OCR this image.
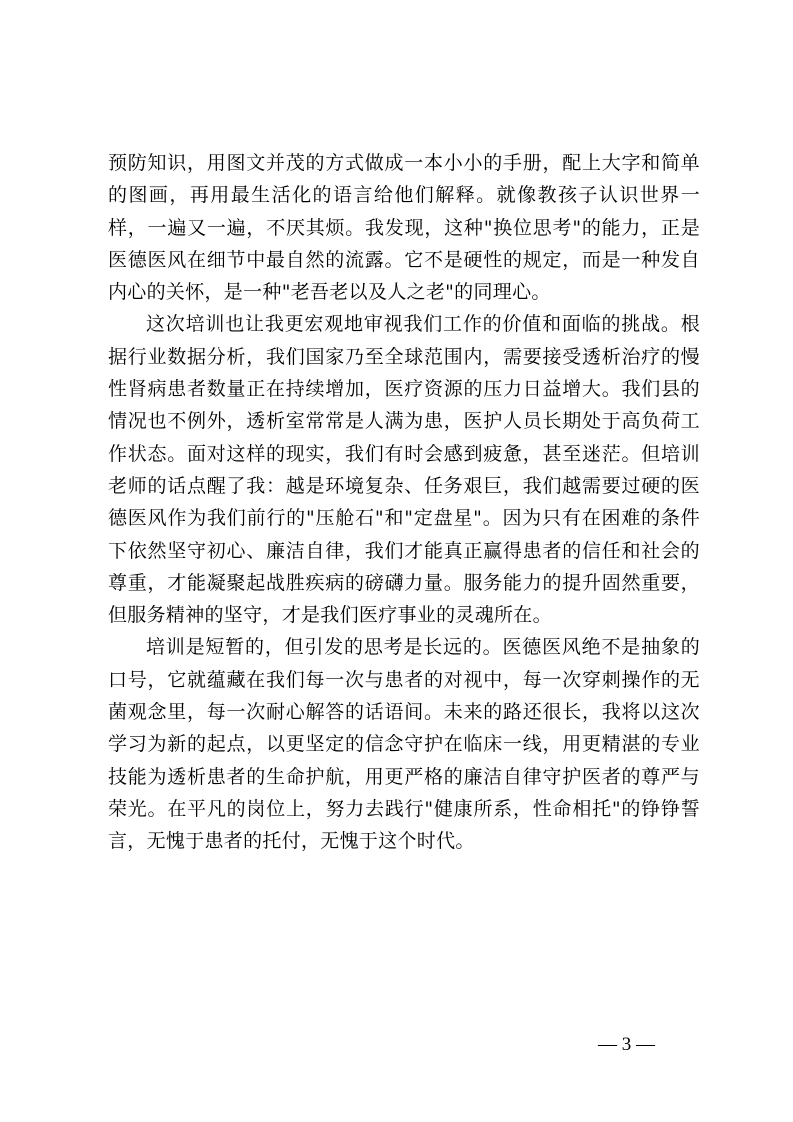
预防知识，用图文并茂的方式做成一本小小的手册，配上大字和简单的图画，再用最生活化的语言给他们解释。就像教孩子认识世界一样，一遍又一遍，不厌其烦。我发现，这种"换位思考"的能力，正是医德医风在细节中最自然的流露。它不是硬性的规定，而是一种发自内心的关怀，是一种"老吾老以及人之老"的同理心。

这次培训也让我更宏观地审视我们工作的价值和面临的挑战。根据行业数据分析，我们国家乃至全球范围内，需要接受透析治疗的慢性肾病患者数量正在持续增加，医疗资源的压力日益增大。我们县的情况也不例外，透析室常常是人满为患，医护人员长期处于高负荷工作状态。面对这样的现实，我们有时会感到疲惫，甚至迷茫。但培训老师的话点醒了我：越是环境复杂、任务艰巨，我们越需要过硬的医德医风作为我们前行的"压舱石"和"定盘星"。因为只有在困难的条件下依然坚守初心、廉洁自律，我们才能真正赢得患者的信任和社会的尊重，才能凝聚起战胜疾病的磅礴力量。服务能力的提升固然重要，但服务精神的坚守，才是我们医疗事业的灵魂所在。

培训是短暂的，但引发的思考是长远的。医德医风绝不是抽象的口号，它就蕴藏在我们每一次与患者的对视中，每一次穿刺操作的无菌观念里，每一次耐心解答的话语间。未来的路还很长，我将以这次学习为新的起点，以更坚定的信念守护在临床一线，用更精湛的专业技能为透析患者的生命护航，用更严格的廉洁自律守护医者的尊严与荣光。在平凡的岗位上，努力去践行"健康所系，性命相托"的铮铮誓言，无愧于患者的托付，无愧于这个时代。

— 3 —
